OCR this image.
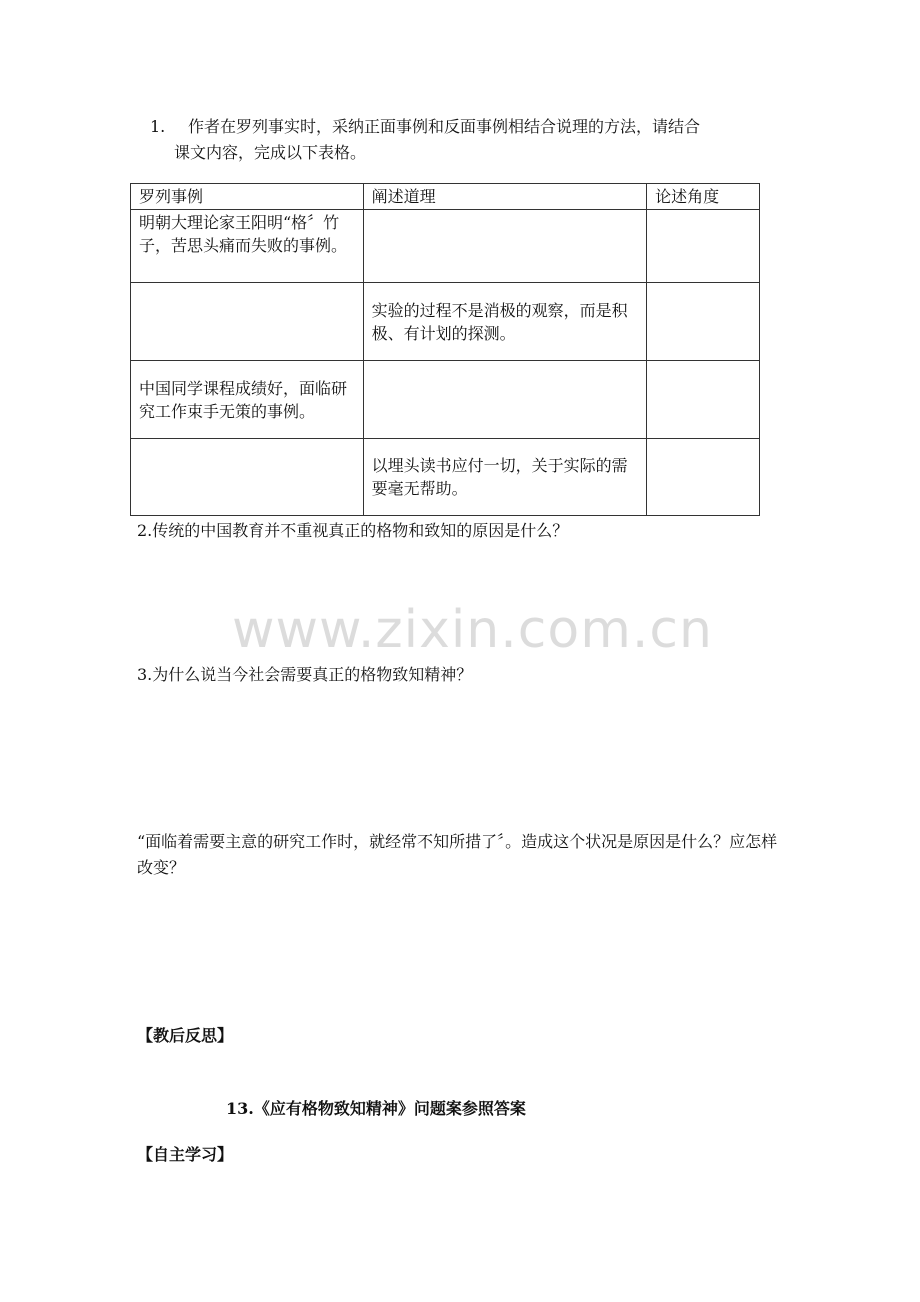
1.	作者在罗列事实时，采纳正面事例和反面事例相结合说理的方法，请结合
课文内容，完成以下表格。
罗列事例	阐述道理	论述角度
明朝大理论家王阳明“格〞竹子，苦思头痛而失败的事例。		
	实验的过程不是消极的观察，而是积极、有计划的探测。	
中国同学课程成绩好，面临研究工作束手无策的事例。		
	以埋头读书应付一切，关于实际的需要毫无帮助。	
2.传统的中国教育并不重视真正的格物和致知的原因是什么？
www.zixin.com.cn
3.为什么说当今社会需要真正的格物致知精神？
“面临着需要主意的研究工作时，就经常不知所措了〞。造成这个状况是原因是什么？应怎样改变？
【教后反思】
13.《应有格物致知精神》问题案参照答案
【自主学习】
